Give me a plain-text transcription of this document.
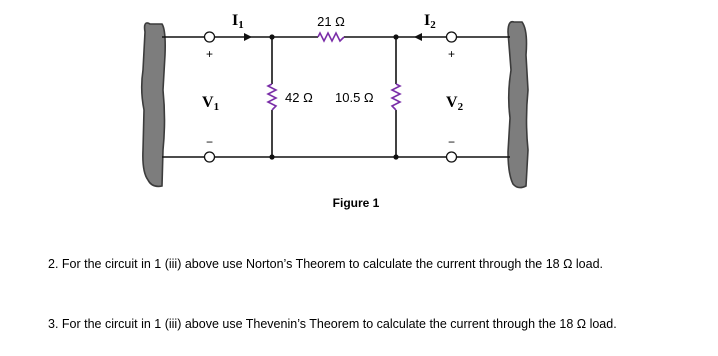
I1	I2
V1	V2
21 Ω
42 Ω 10.5 Ω
+
−
+
−
Figure 1
2. For the circuit in 1 (iii) above use Norton’s Theorem to calculate the current through the 18 Ω load.
3. For the circuit in 1 (iii) above use Thevenin’s Theorem to calculate the current through the 18 Ω load.
